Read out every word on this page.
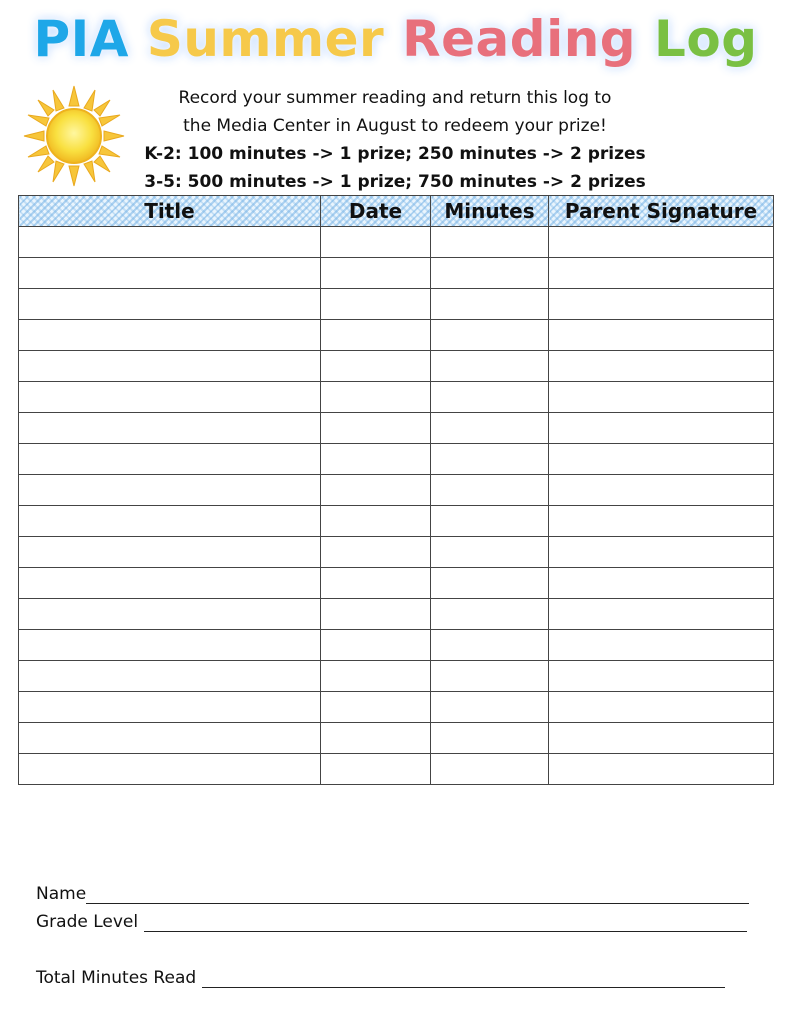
PIA Summer Reading Log
Record your summer reading and return this log to
the Media Center in August to redeem your prize!
K-2: 100 minutes -> 1 prize; 250 minutes -> 2 prizes
3-5: 500 minutes -> 1 prize; 750 minutes -> 2 prizes
Title	Date	Minutes	Parent Signature

Name
Grade Level
Total Minutes Read
